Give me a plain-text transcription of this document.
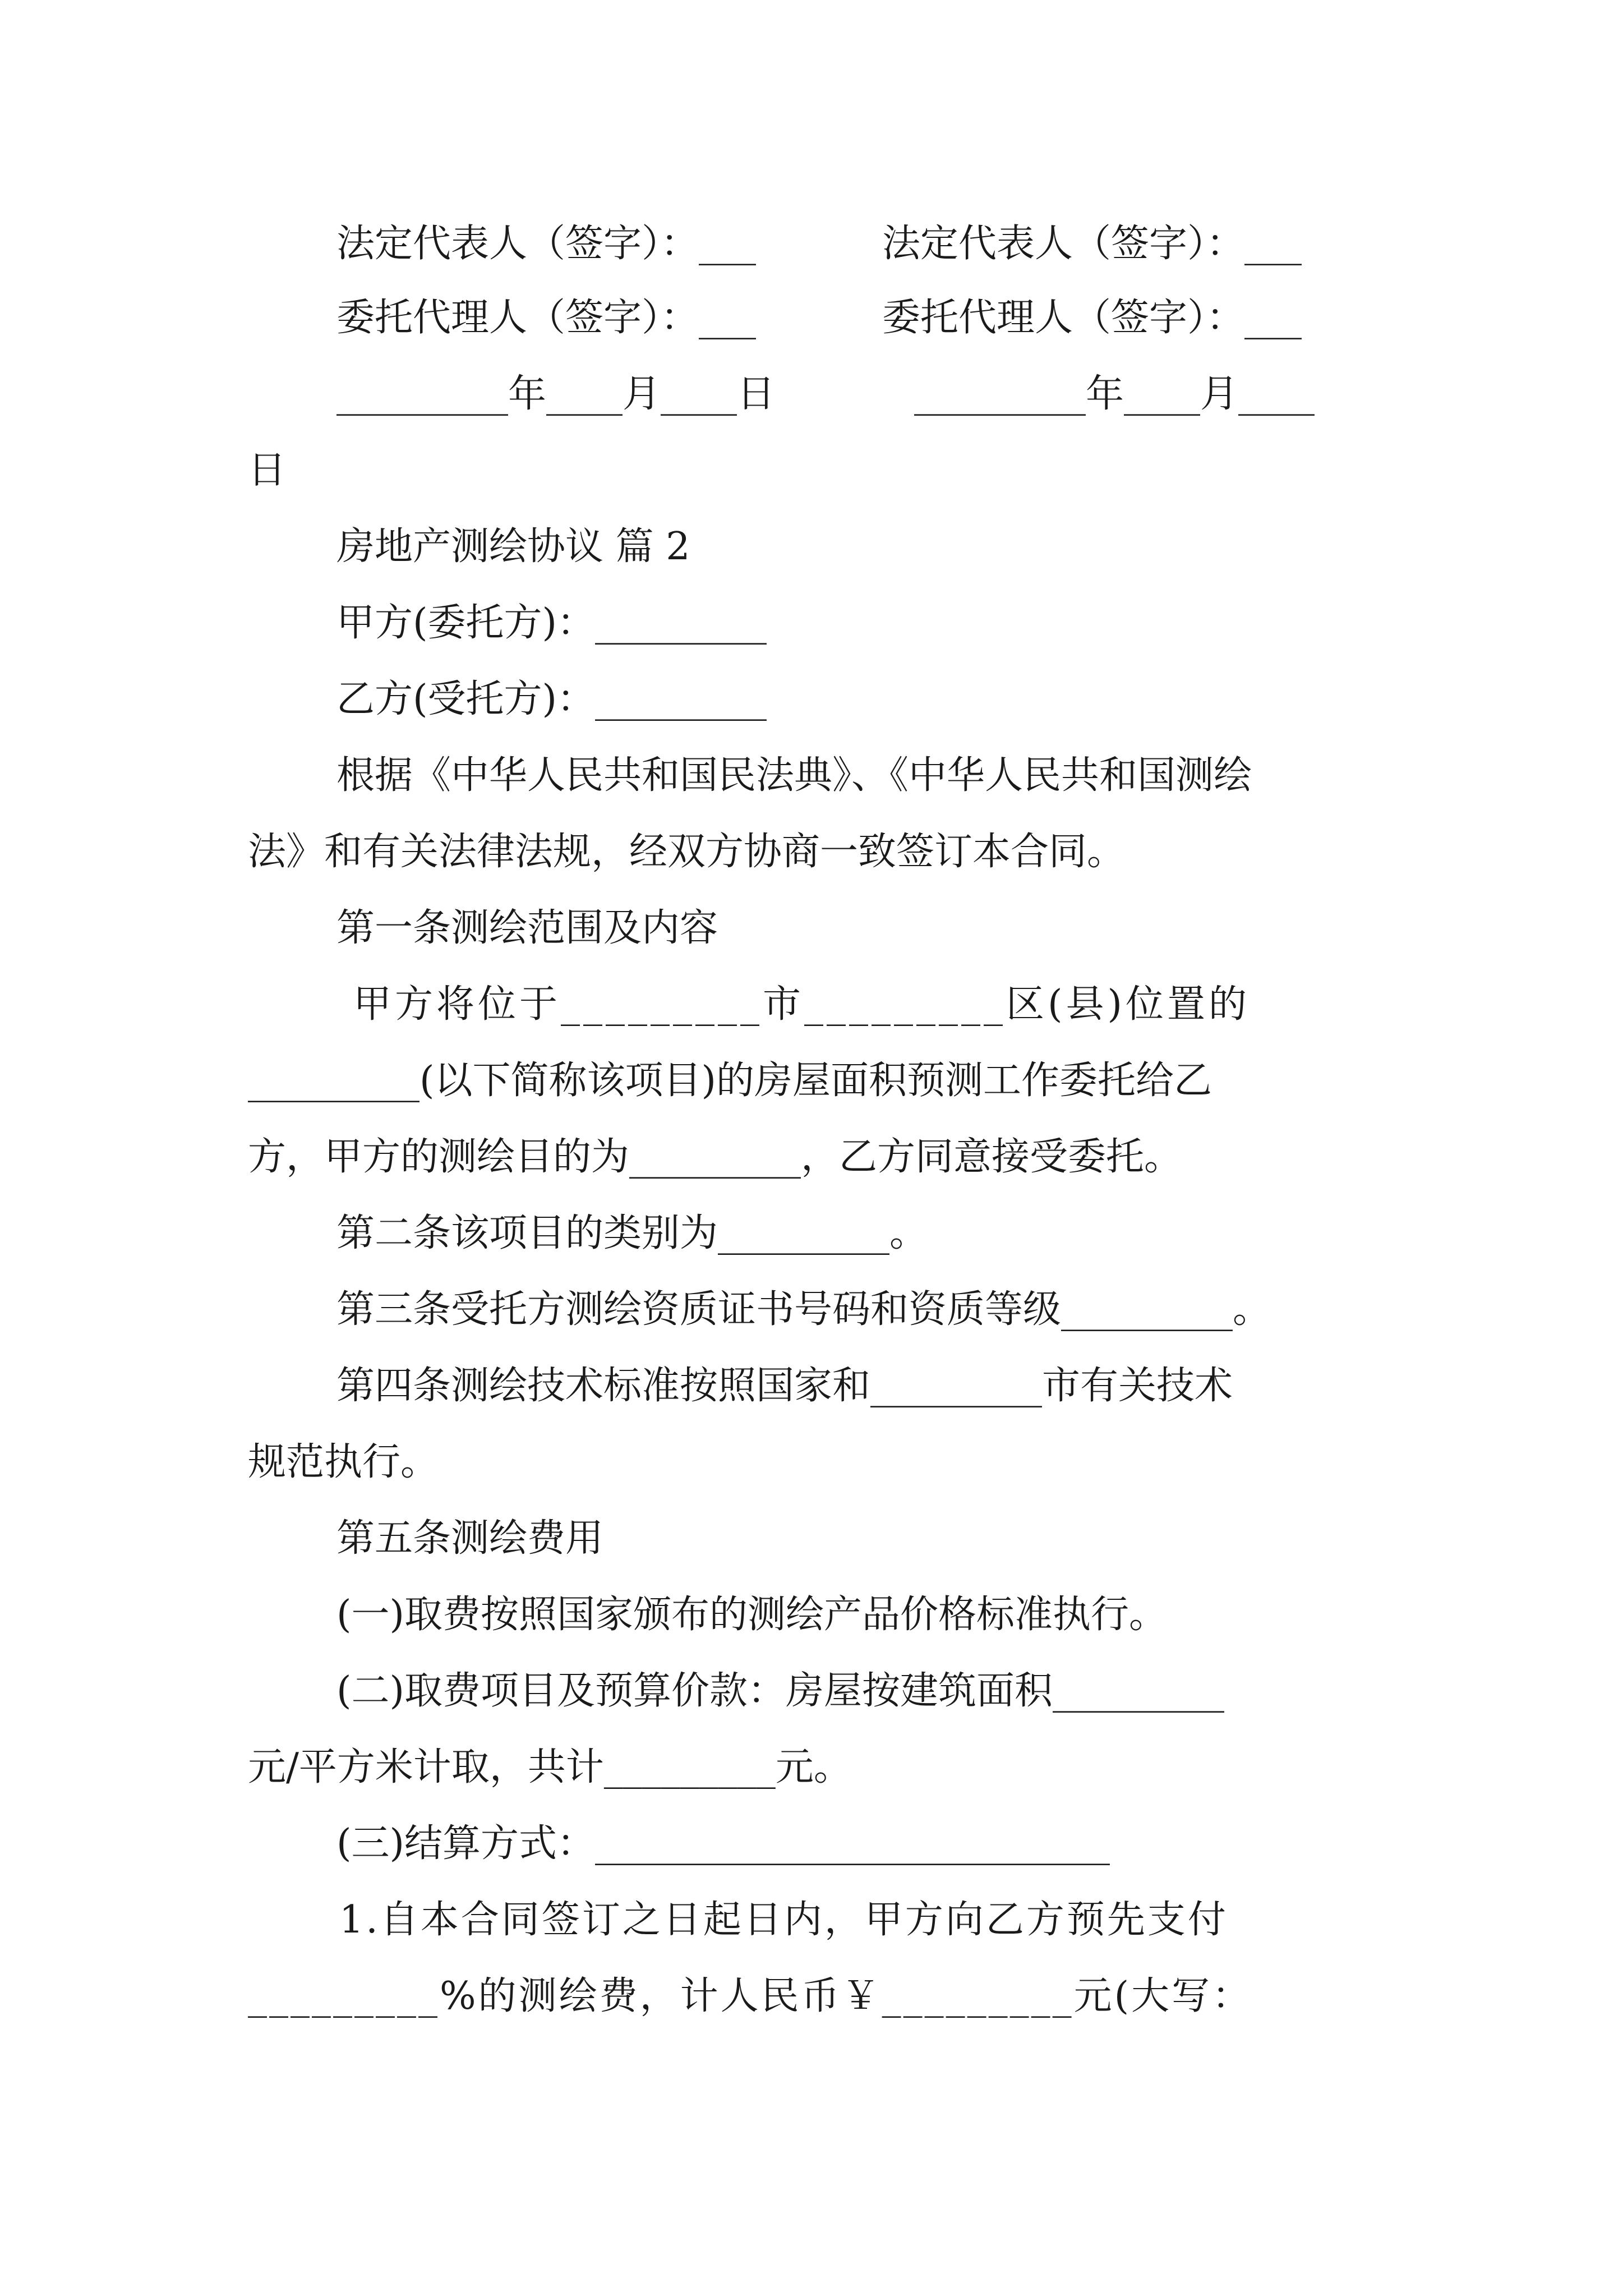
法定代表人（签字）：___	法定代表人（签字）：___
委托代理人（签字）：___	委托代理人（签字）：___
_________年____月____日	_________年____月____
日
房地产测绘协议 篇 2
甲方(委托方)：_________
乙方(受托方)：_________
根据《中华人民共和国民法典》、《中华人民共和国测绘
法》和有关法律法规，经双方协商一致签订本合同。
第一条测绘范围及内容
甲方将位于_________市_________区(县)位置的
_________(以下简称该项目)的房屋面积预测工作委托给乙
方，甲方的测绘目的为_________，乙方同意接受委托。
第二条该项目的类别为_________。
第三条受托方测绘资质证书号码和资质等级_________。
第四条测绘技术标准按照国家和_________市有关技术
规范执行。
第五条测绘费用
(一)取费按照国家颁布的测绘产品价格标准执行。
(二)取费项目及预算价款：房屋按建筑面积_________
元/平方米计取，共计_________元。
(三)结算方式：___________________________
1.自本合同签订之日起日内，甲方向乙方预先支付
_________%的测绘费，计人民币￥_________元(大写：
